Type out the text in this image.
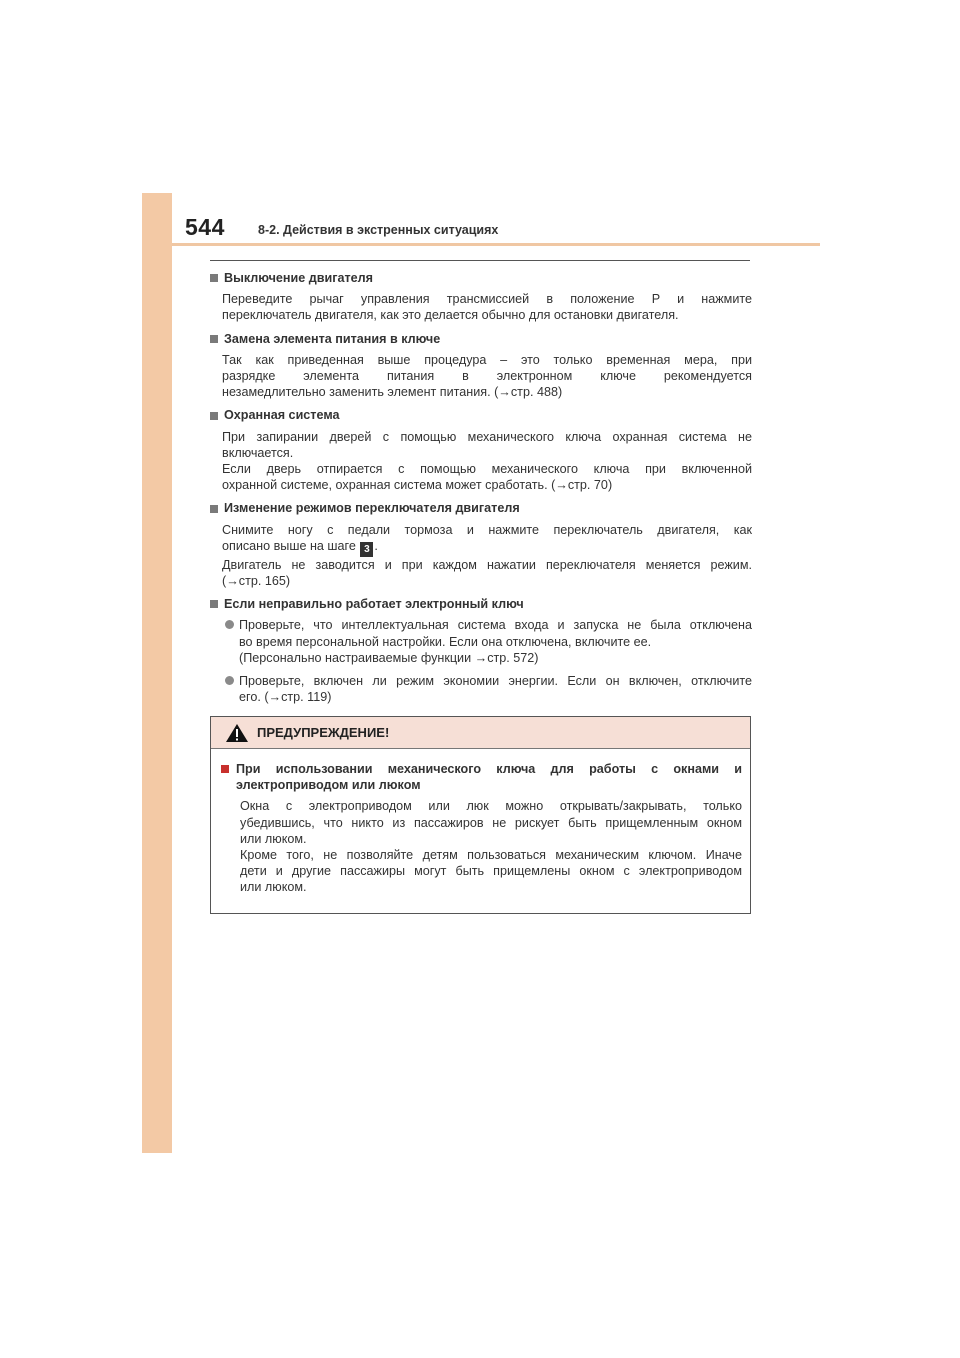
544	8-2. Действия в экстренных ситуациях
Выключение двигателя
Переведите рычаг управления трансмиссией в положение P и нажмите
переключатель двигателя, как это делается обычно для остановки двигателя.
Замена элемента питания в ключе
Так как приведенная выше процедура – это только временная мера, при
разрядке элемента питания в электронном ключе рекомендуется
незамедлительно заменить элемент питания. (→стр. 488)
Охранная система
При запирании дверей с помощью механического ключа охранная система не
включается.
Если дверь отпирается с помощью механического ключа при включенной
охранной системе, охранная система может сработать. (→стр. 70)
Изменение режимов переключателя двигателя
Снимите ногу с педали тормоза и нажмите переключатель двигателя, как
описано выше на шаге 3 .
Двигатель не заводится и при каждом нажатии переключателя меняется режим.
(→стр. 165)
Если неправильно работает электронный ключ
Проверьте, что интеллектуальная система входа и запуска не была отключена
во время персональной настройки. Если она отключена, включите ее.
(Персонально настраиваемые функции →стр. 572)
Проверьте, включен ли режим экономии энергии. Если он включен, отключите
его. (→стр. 119)
ПРЕДУПРЕЖДЕНИЕ!
При использовании механического ключа для работы с окнами и
электроприводом или люком
Окна с электроприводом или люк можно открывать/закрывать, только
убедившись, что никто из пассажиров не рискует быть прищемленным окном
или люком.
Кроме того, не позволяйте детям пользоваться механическим ключом. Иначе
дети и другие пассажиры могут быть прищемлены окном с электроприводом
или люком.
